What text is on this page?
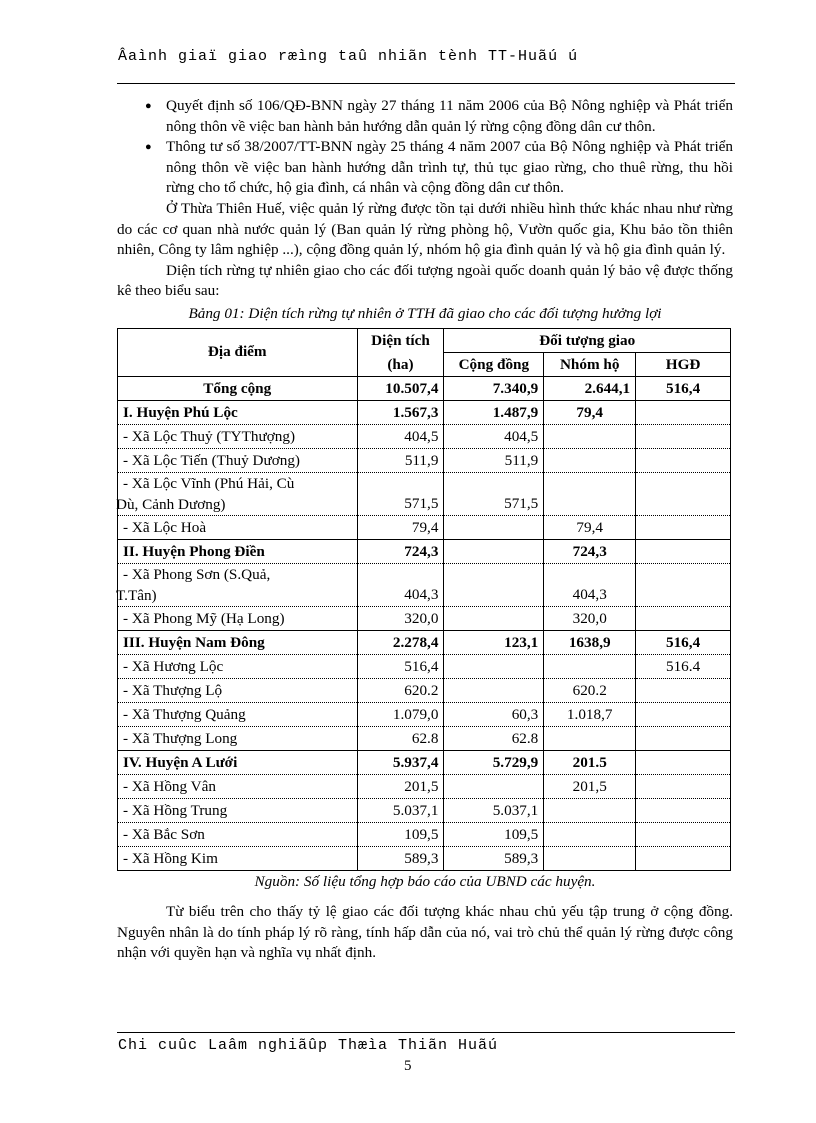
Âaình giaï giao ræìng taû nhiãn tènh TT-Huãú ú
● Quyết định số 106/QĐ-BNN ngày 27 tháng 11 năm 2006 của Bộ Nông nghiệp và Phát triển nông thôn về việc ban hành bản hướng dẫn quản lý rừng cộng đồng dân cư thôn.
● Thông tư số 38/2007/TT-BNN ngày 25 tháng 4 năm 2007 của Bộ Nông nghiệp và Phát triển nông thôn về việc ban hành hướng dẫn trình tự, thủ tục giao rừng, cho thuê rừng, thu hồi rừng cho tổ chức, hộ gia đình, cá nhân và cộng đồng dân cư thôn.
Ở Thừa Thiên Huế, việc quản lý rừng được tồn tại dưới nhiều hình thức khác nhau như rừng do các cơ quan nhà nước quản lý (Ban quản lý rừng phòng hộ, Vườn quốc gia, Khu bảo tồn thiên nhiên, Công ty lâm nghiệp ...), cộng đồng quản lý, nhóm hộ gia đình quản lý và hộ gia đình quản lý.
Diện tích rừng tự nhiên giao cho các đối tượng ngoài quốc doanh quản lý bảo vệ được thống kê theo biểu sau:
Bảng 01: Diện tích rừng tự nhiên ở TTH đã giao cho các đối tượng hưởng lợi
Địa điểm	Diện tích	Đối tượng giao		
	(ha)	Cộng đồng	Nhóm hộ	HGĐ
Tổng cộng	10.507,4	7.340,9	2.644,1	516,4
I. Huyện Phú Lộc	1.567,3	1.487,9	79,4	
- Xã Lộc Thuỷ (TYThượng)	404,5	404,5		
- Xã Lộc Tiến (Thuỷ Dương)	511,9	511,9		
- Xã Lộc Vĩnh (Phú Hải, Cù
Dù, Cảnh Dương)	571,5	571,5		
- Xã Lộc Hoà	79,4		79,4	
II. Huyện Phong Điền	724,3		724,3	
- Xã Phong Sơn (S.Quả,
T.Tân)	404,3		404,3	
- Xã Phong Mỹ (Hạ Long)	320,0		320,0	
III. Huyện Nam Đông	2.278,4	123,1	1638,9	516,4
- Xã Hương Lộc	516,4			516.4
- Xã Thượng Lộ	620.2		620.2	
- Xã Thượng Quảng	1.079,0	60,3	1.018,7	
- Xã Thượng Long	62.8	62.8		
IV. Huyện A Lưới	5.937,4	5.729,9	201.5	
- Xã Hồng Vân	201,5		201,5	
- Xã Hồng Trung	5.037,1	5.037,1		
- Xã Bắc Sơn	109,5	109,5		
- Xã Hồng Kim	589,3	589,3		
Nguồn: Số liệu tổng hợp báo cáo của UBND các huyện.
Từ biểu trên cho thấy tỷ lệ giao các đối tượng khác nhau chủ yếu tập trung ở cộng đồng. Nguyên nhân là do tính pháp lý rõ ràng, tính hấp dẫn của nó, vai trò chủ thể quản lý rừng được công nhận với quyền hạn và nghĩa vụ nhất định.
Chi cuûc Laâm nghiãûp Thæìa Thiãn Huãú
5
